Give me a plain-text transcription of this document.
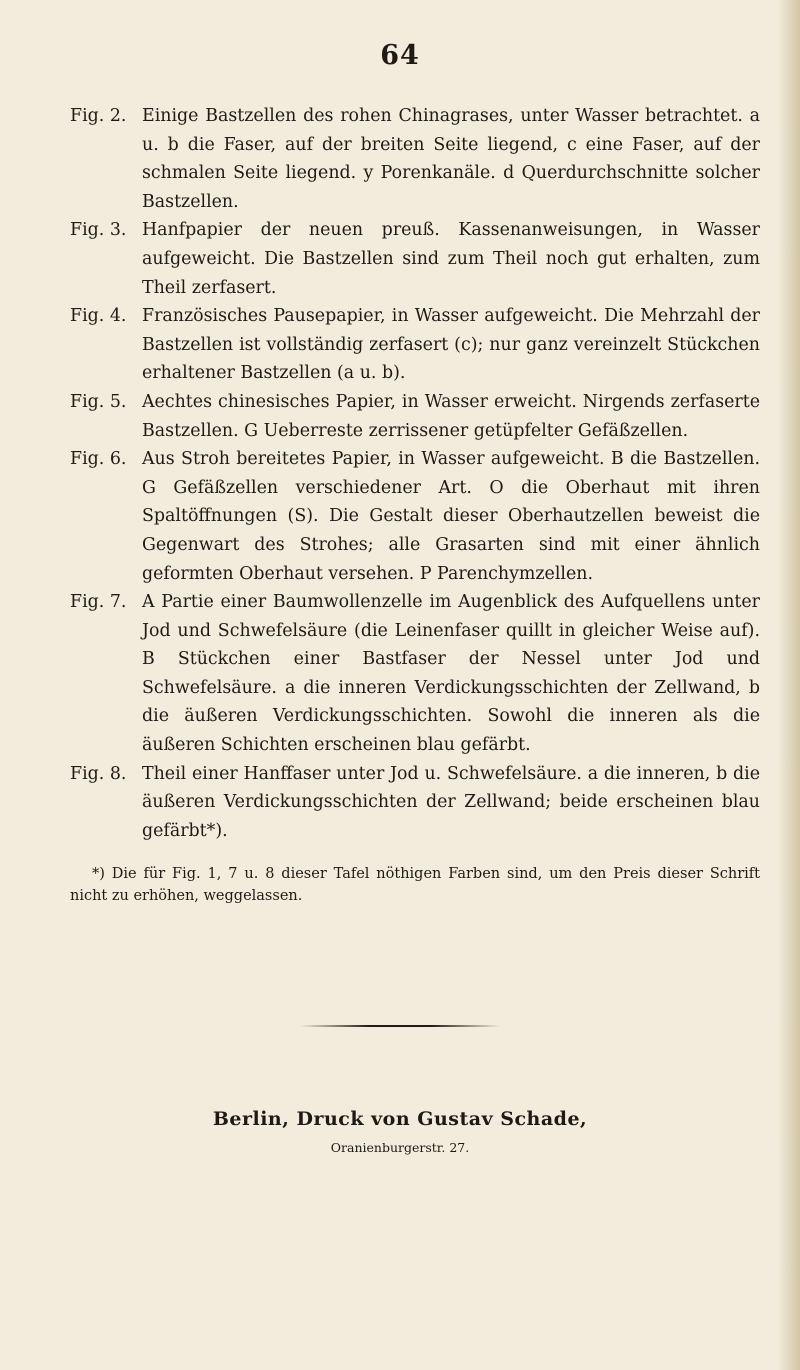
64
Fig. 2. Einige Bastzellen des rohen Chinagrases, unter Wasser betrachtet. a u. b die Faser, auf der breiten Seite liegend, c eine Faser, auf der schmalen Seite liegend. y Porenkanäle. d Querdurchschnitte solcher Bastzellen.
Fig. 3. Hanfpapier der neuen preuß. Kassenanweisungen, in Wasser aufgeweicht. Die Bastzellen sind zum Theil noch gut erhalten, zum Theil zerfasert.
Fig. 4. Französisches Pausepapier, in Wasser aufgeweicht. Die Mehrzahl der Bastzellen ist vollständig zerfasert (c); nur ganz vereinzelt Stückchen erhaltener Bastzellen (a u. b).
Fig. 5. Aechtes chinesisches Papier, in Wasser erweicht. Nirgends zerfaserte Bastzellen. G Ueberreste zerrissener getüpfelter Gefäßzellen.
Fig. 6. Aus Stroh bereitetes Papier, in Wasser aufgeweicht. B die Bastzellen. G Gefäßzellen verschiedener Art. O die Oberhaut mit ihren Spaltöffnungen (S). Die Gestalt dieser Oberhautzellen beweist die Gegenwart des Strohes; alle Grasarten sind mit einer ähnlich geformten Oberhaut versehen. P Parenchymzellen.
Fig. 7. A Partie einer Baumwollenzelle im Augenblick des Aufquellens unter Jod und Schwefelsäure (die Leinenfaser quillt in gleicher Weise auf). B Stückchen einer Bastfaser der Nessel unter Jod und Schwefelsäure. a die inneren Verdickungsschichten der Zellwand, b die äußeren Verdickungsschichten. Sowohl die inneren als die äußeren Schichten erscheinen blau gefärbt.
Fig. 8. Theil einer Hanffaser unter Jod u. Schwefelsäure. a die inneren, b die äußeren Verdickungsschichten der Zellwand; beide erscheinen blau gefärbt*).
*) Die für Fig. 1, 7 u. 8 dieser Tafel nöthigen Farben sind, um den Preis dieser Schrift nicht zu erhöhen, weggelassen.
Berlin, Druck von Gustav Schade,
Oranienburgerstr. 27.
